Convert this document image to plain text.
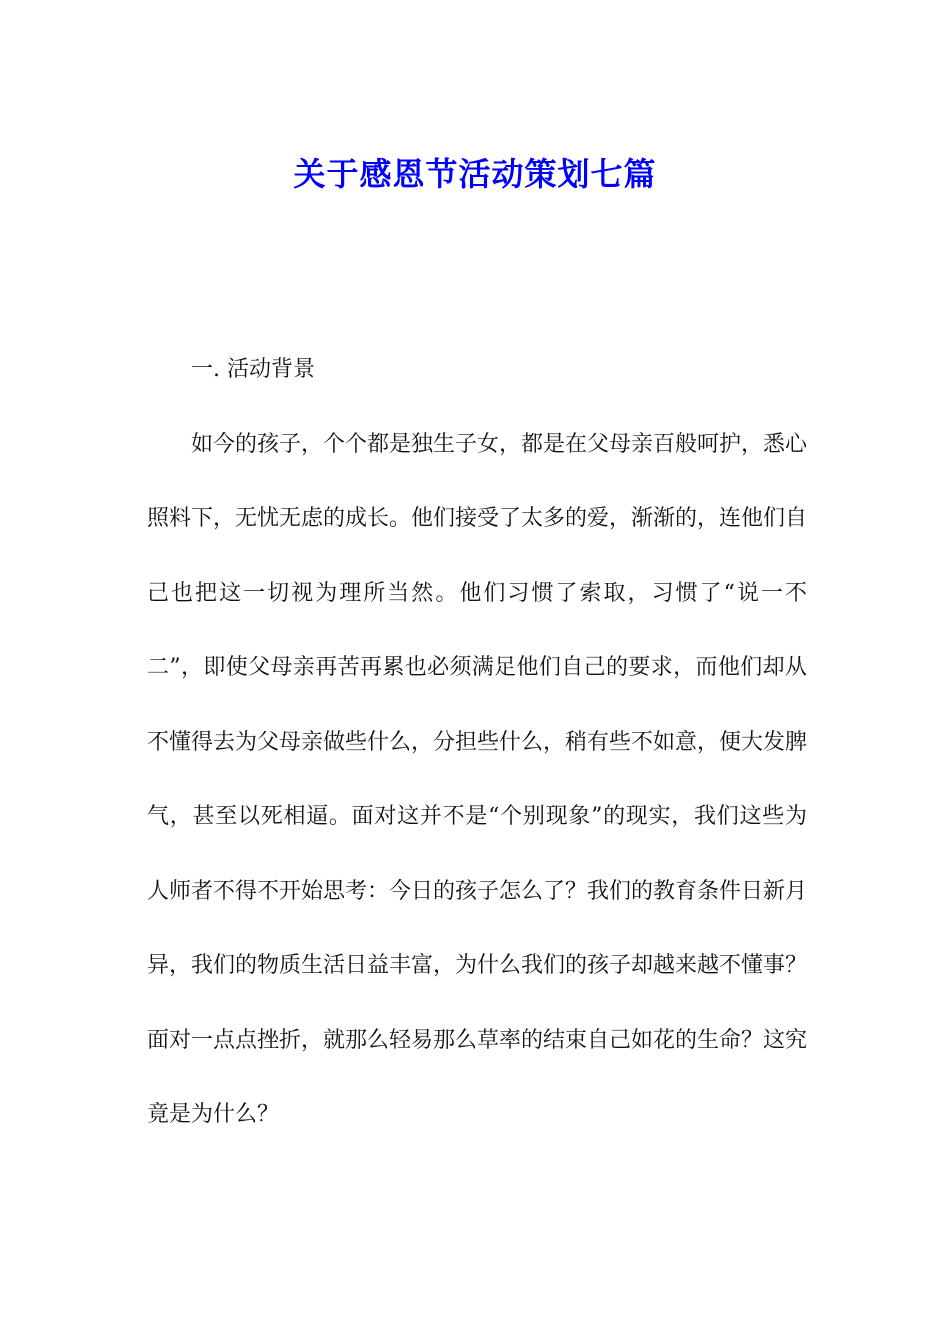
关于感恩节活动策划七篇

一. 活动背景

如今的孩子，个个都是独生子女，都是在父母亲百般呵护，悉心照料下，无忧无虑的成长。他们接受了太多的爱，渐渐的，连他们自己也把这一切视为理所当然。他们习惯了索取，习惯了“说一不二”，即使父母亲再苦再累也必须满足他们自己的要求，而他们却从不懂得去为父母亲做些什么，分担些什么，稍有些不如意，便大发脾气，甚至以死相逼。面对这并不是“个别现象”的现实，我们这些为人师者不得不开始思考：今日的孩子怎么了？我们的教育条件日新月异，我们的物质生活日益丰富，为什么我们的孩子却越来越不懂事？面对一点点挫折，就那么轻易那么草率的结束自己如花的生命？这究竟是为什么？
